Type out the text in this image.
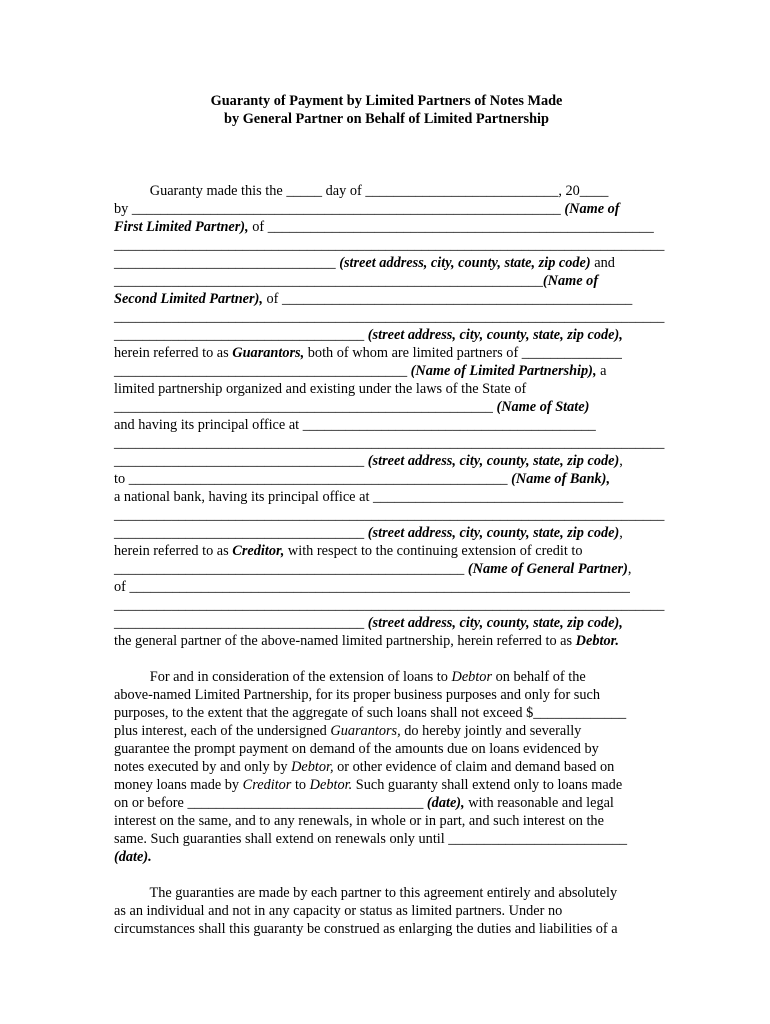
Guaranty of Payment by Limited Partners of Notes Made
by General Partner on Behalf of Limited Partnership
Guaranty made this the _____ day of ___________________________, 20____
by ____________________________________________________________ (Name of
First Limited Partner), of ______________________________________________________
_____________________________________________________________________________
_______________________________ (street address, city, county, state, zip code) and
____________________________________________________________(Name of
Second Limited Partner), of _________________________________________________
_____________________________________________________________________________
___________________________________ (street address, city, county, state, zip code),
herein referred to as Guarantors, both of whom are limited partners of ______________
_________________________________________ (Name of Limited Partnership), a
limited partnership organized and existing under the laws of the State of
_____________________________________________________ (Name of State)
and having its principal office at _________________________________________
_____________________________________________________________________________
___________________________________ (street address, city, county, state, zip code),
to _____________________________________________________ (Name of Bank),
a national bank, having its principal office at ___________________________________
_____________________________________________________________________________
___________________________________ (street address, city, county, state, zip code),
herein referred to as Creditor, with respect to the continuing extension of credit to
_________________________________________________ (Name of General Partner),
of ______________________________________________________________________
_____________________________________________________________________________
___________________________________ (street address, city, county, state, zip code),
the general partner of the above-named limited partnership, herein referred to as Debtor.
For and in consideration of the extension of loans to Debtor on behalf of the
above-named Limited Partnership, for its proper business purposes and only for such
purposes, to the extent that the aggregate of such loans shall not exceed $_____________
plus interest, each of the undersigned Guarantors, do hereby jointly and severally
guarantee the prompt payment on demand of the amounts due on loans evidenced by
notes executed by and only by Debtor, or other evidence of claim and demand based on
money loans made by Creditor to Debtor. Such guaranty shall extend only to loans made
on or before _________________________________ (date), with reasonable and legal
interest on the same, and to any renewals, in whole or in part, and such interest on the
same. Such guaranties shall extend on renewals only until _________________________
(date).
The guaranties are made by each partner to this agreement entirely and absolutely
as an individual and not in any capacity or status as limited partners. Under no
circumstances shall this guaranty be construed as enlarging the duties and liabilities of a
